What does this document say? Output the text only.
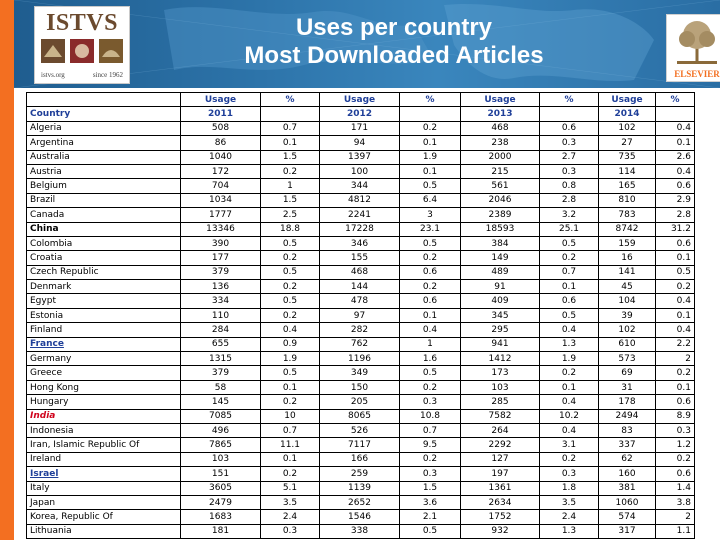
ISTVS
istvs.org	since 1962
Uses per country
Most Downloaded Articles
ELSEVIER
	Usage	%	Usage	%	Usage	%	Usage	%
Country	2011		2012		2013		2014	
Algeria	508	0.7	171	0.2	468	0.6	102	0.4
Argentina	86	0.1	94	0.1	238	0.3	27	0.1
Australia	1040	1.5	1397	1.9	2000	2.7	735	2.6
Austria	172	0.2	100	0.1	215	0.3	114	0.4
Belgium	704	1	344	0.5	561	0.8	165	0.6
Brazil	1034	1.5	4812	6.4	2046	2.8	810	2.9
Canada	1777	2.5	2241	3	2389	3.2	783	2.8
China	13346	18.8	17228	23.1	18593	25.1	8742	31.2
Colombia	390	0.5	346	0.5	384	0.5	159	0.6
Croatia	177	0.2	155	0.2	149	0.2	16	0.1
Czech Republic	379	0.5	468	0.6	489	0.7	141	0.5
Denmark	136	0.2	144	0.2	91	0.1	45	0.2
Egypt	334	0.5	478	0.6	409	0.6	104	0.4
Estonia	110	0.2	97	0.1	345	0.5	39	0.1
Finland	284	0.4	282	0.4	295	0.4	102	0.4
France	655	0.9	762	1	941	1.3	610	2.2
Germany	1315	1.9	1196	1.6	1412	1.9	573	2
Greece	379	0.5	349	0.5	173	0.2	69	0.2
Hong Kong	58	0.1	150	0.2	103	0.1	31	0.1
Hungary	145	0.2	205	0.3	285	0.4	178	0.6
India	7085	10	8065	10.8	7582	10.2	2494	8.9
Indonesia	496	0.7	526	0.7	264	0.4	83	0.3
Iran, Islamic Republic Of	7865	11.1	7117	9.5	2292	3.1	337	1.2
Ireland	103	0.1	166	0.2	127	0.2	62	0.2
Israel	151	0.2	259	0.3	197	0.3	160	0.6
Italy	3605	5.1	1139	1.5	1361	1.8	381	1.4
Japan	2479	3.5	2652	3.6	2634	3.5	1060	3.8
Korea, Republic Of	1683	2.4	1546	2.1	1752	2.4	574	2
Lithuania	181	0.3	338	0.5	932	1.3	317	1.1
